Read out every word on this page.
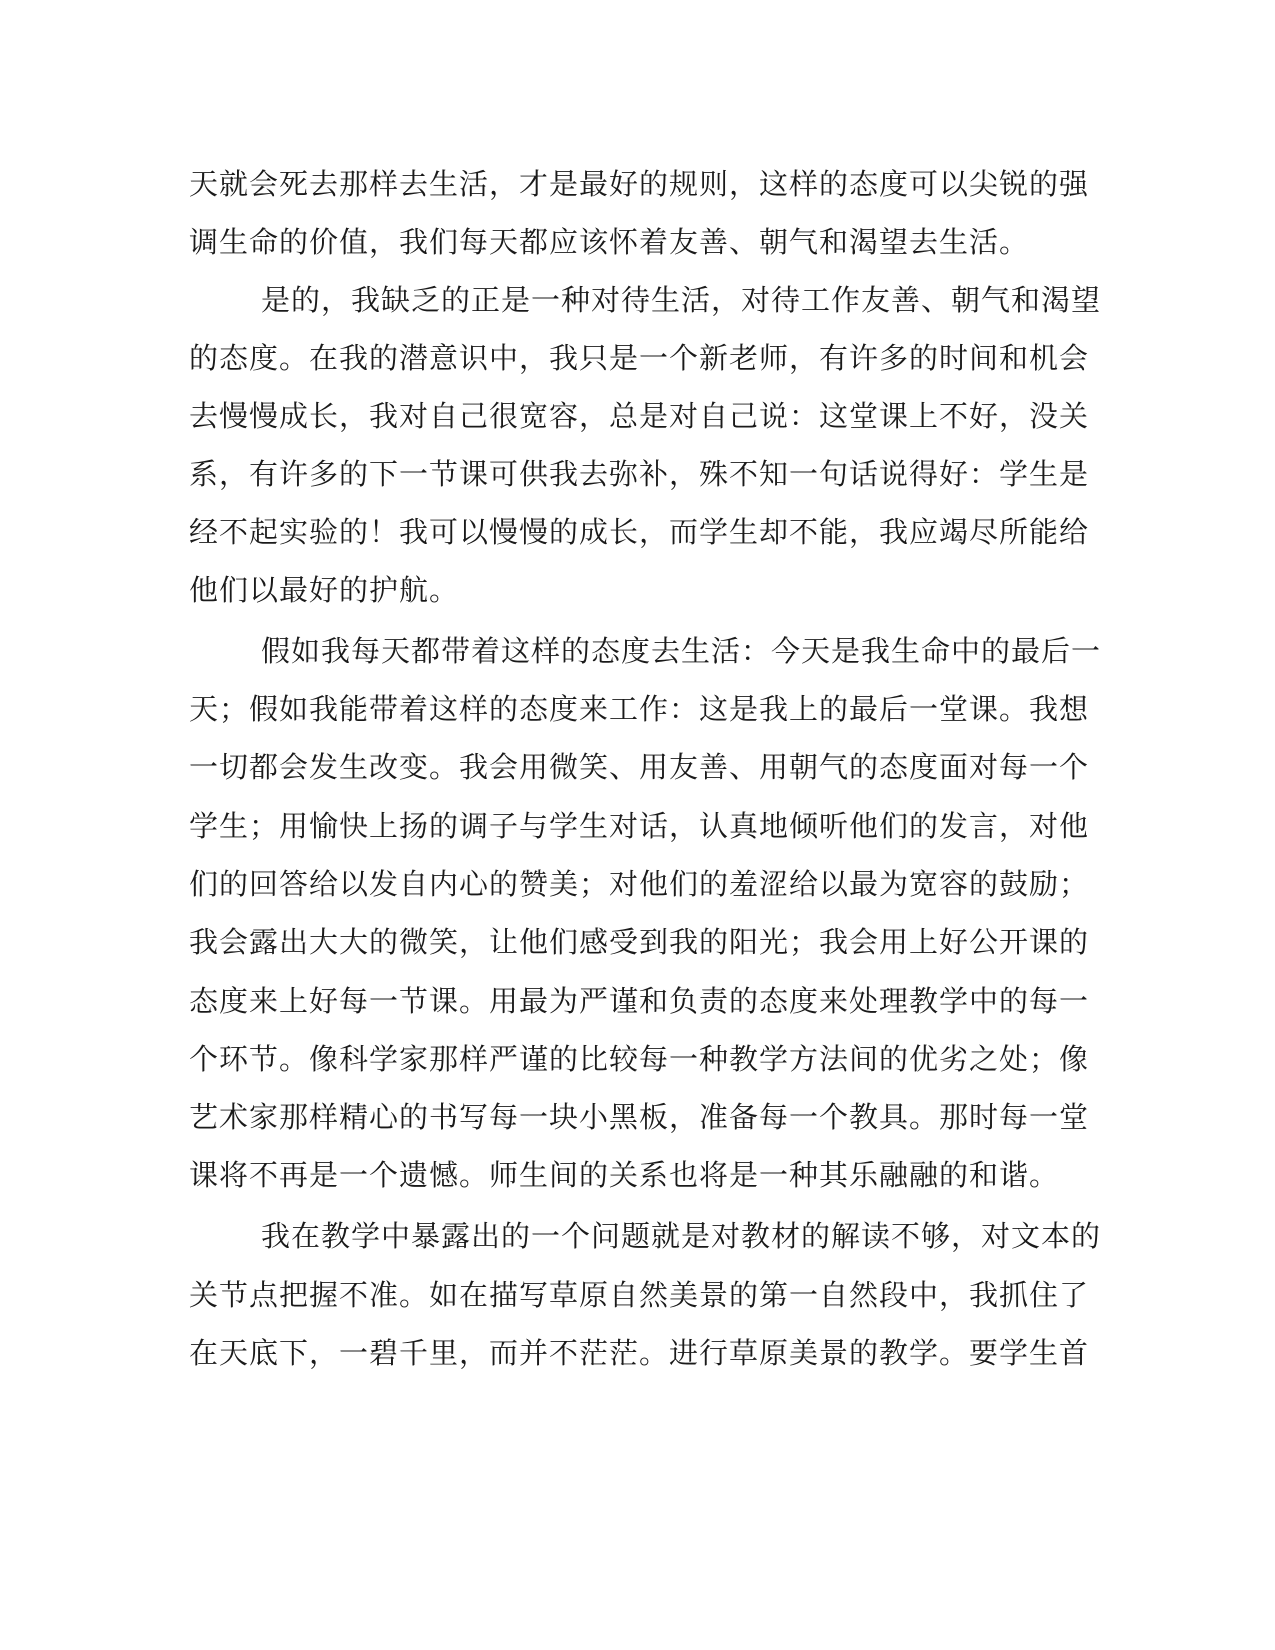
天就会死去那样去生活，才是最好的规则，这样的态度可以尖锐的强
调生命的价值，我们每天都应该怀着友善、朝气和渴望去生活。
是的，我缺乏的正是一种对待生活，对待工作友善、朝气和渴望
的态度。在我的潜意识中，我只是一个新老师，有许多的时间和机会
去慢慢成长，我对自己很宽容，总是对自己说：这堂课上不好，没关
系，有许多的下一节课可供我去弥补，殊不知一句话说得好：学生是
经不起实验的！我可以慢慢的成长，而学生却不能，我应竭尽所能给
他们以最好的护航。
假如我每天都带着这样的态度去生活：今天是我生命中的最后一
天；假如我能带着这样的态度来工作：这是我上的最后一堂课。我想
一切都会发生改变。我会用微笑、用友善、用朝气的态度面对每一个
学生；用愉快上扬的调子与学生对话，认真地倾听他们的发言，对他
们的回答给以发自内心的赞美；对他们的羞涩给以最为宽容的鼓励；
我会露出大大的微笑，让他们感受到我的阳光；我会用上好公开课的
态度来上好每一节课。用最为严谨和负责的态度来处理教学中的每一
个环节。像科学家那样严谨的比较每一种教学方法间的优劣之处；像
艺术家那样精心的书写每一块小黑板，准备每一个教具。那时每一堂
课将不再是一个遗憾。师生间的关系也将是一种其乐融融的和谐。
我在教学中暴露出的一个问题就是对教材的解读不够，对文本的
关节点把握不准。如在描写草原自然美景的第一自然段中，我抓住了
在天底下，一碧千里，而并不茫茫。进行草原美景的教学。要学生首
